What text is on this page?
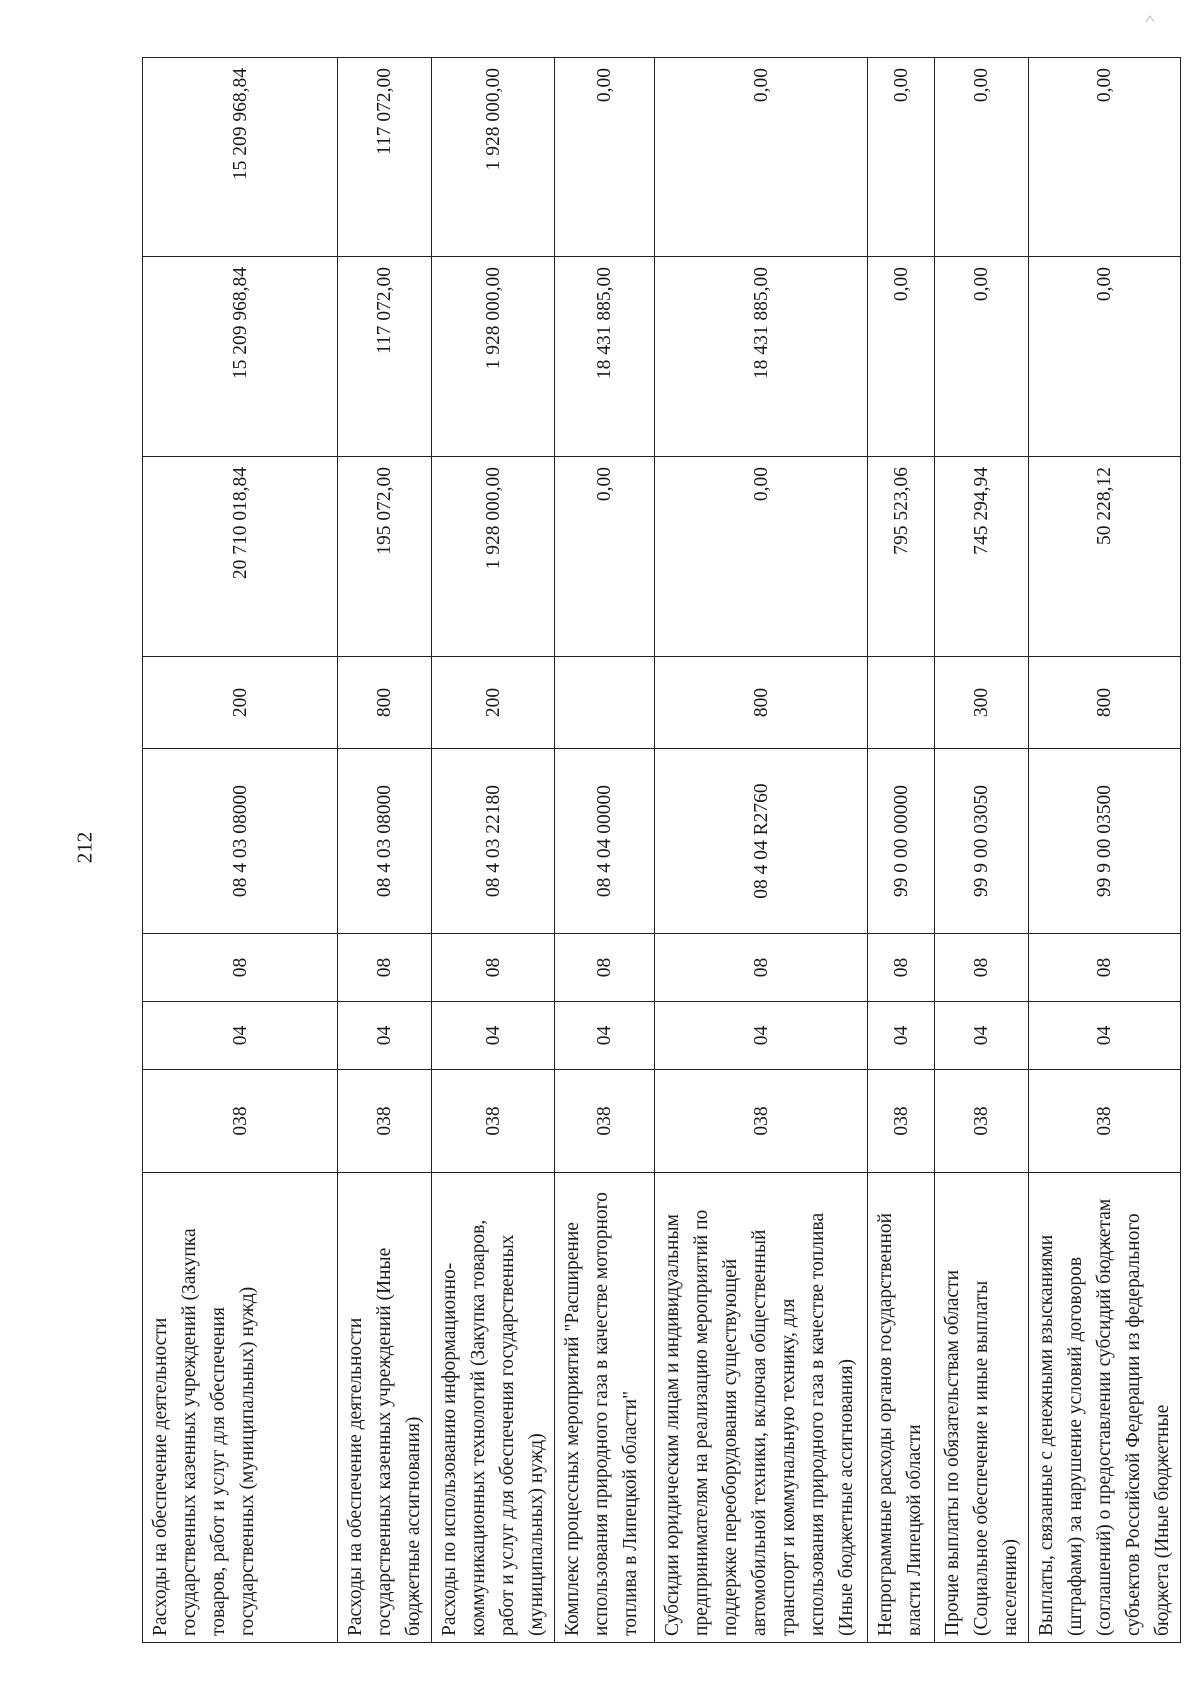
212
Расходы на обеспечение деятельности государственных казенных учреждений (Закупка товаров, работ и услуг для обеспечения государственных (муниципальных) нужд)	038	04	08	08 4 03 08000	200	20 710 018,84	15 209 968,84	15 209 968,84
Расходы на обеспечение деятельности государственных казенных учреждений (Иные бюджетные ассигнования)	038	04	08	08 4 03 08000	800	195 072,00	117 072,00	117 072,00
Расходы по использованию информационно-коммуникационных технологий (Закупка товаров, работ и услуг для обеспечения государственных (муниципальных) нужд)	038	04	08	08 4 03 22180	200	1 928 000,00	1 928 000,00	1 928 000,00
Комплекс процессных мероприятий "Расширение использования природного газа в качестве моторного топлива в Липецкой области"	038	04	08	08 4 04 00000		0,00	18 431 885,00	0,00
Субсидии юридическим лицам и индивидуальным предпринимателям на реализацию мероприятий по поддержке переоборудования существующей автомобильной техники, включая общественный транспорт и коммунальную технику, для использования природного газа в качестве топлива (Иные бюджетные ассигнования)	038	04	08	08 4 04 R2760	800	0,00	18 431 885,00	0,00
Непрограммные расходы органов государственной власти Липецкой области	038	04	08	99 0 00 00000		795 523,06	0,00	0,00
Прочие выплаты по обязательствам области (Социальное обеспечение и иные выплаты населению)	038	04	08	99 9 00 03050	300	745 294,94	0,00	0,00
Выплаты, связанные с денежными взысканиями (штрафами) за нарушение условий договоров (соглашений) о предоставлении субсидий бюджетам субъектов Российской Федерации из федерального бюджета (Иные бюджетные	038	04	08	99 9 00 03500	800	50 228,12	0,00	0,00
